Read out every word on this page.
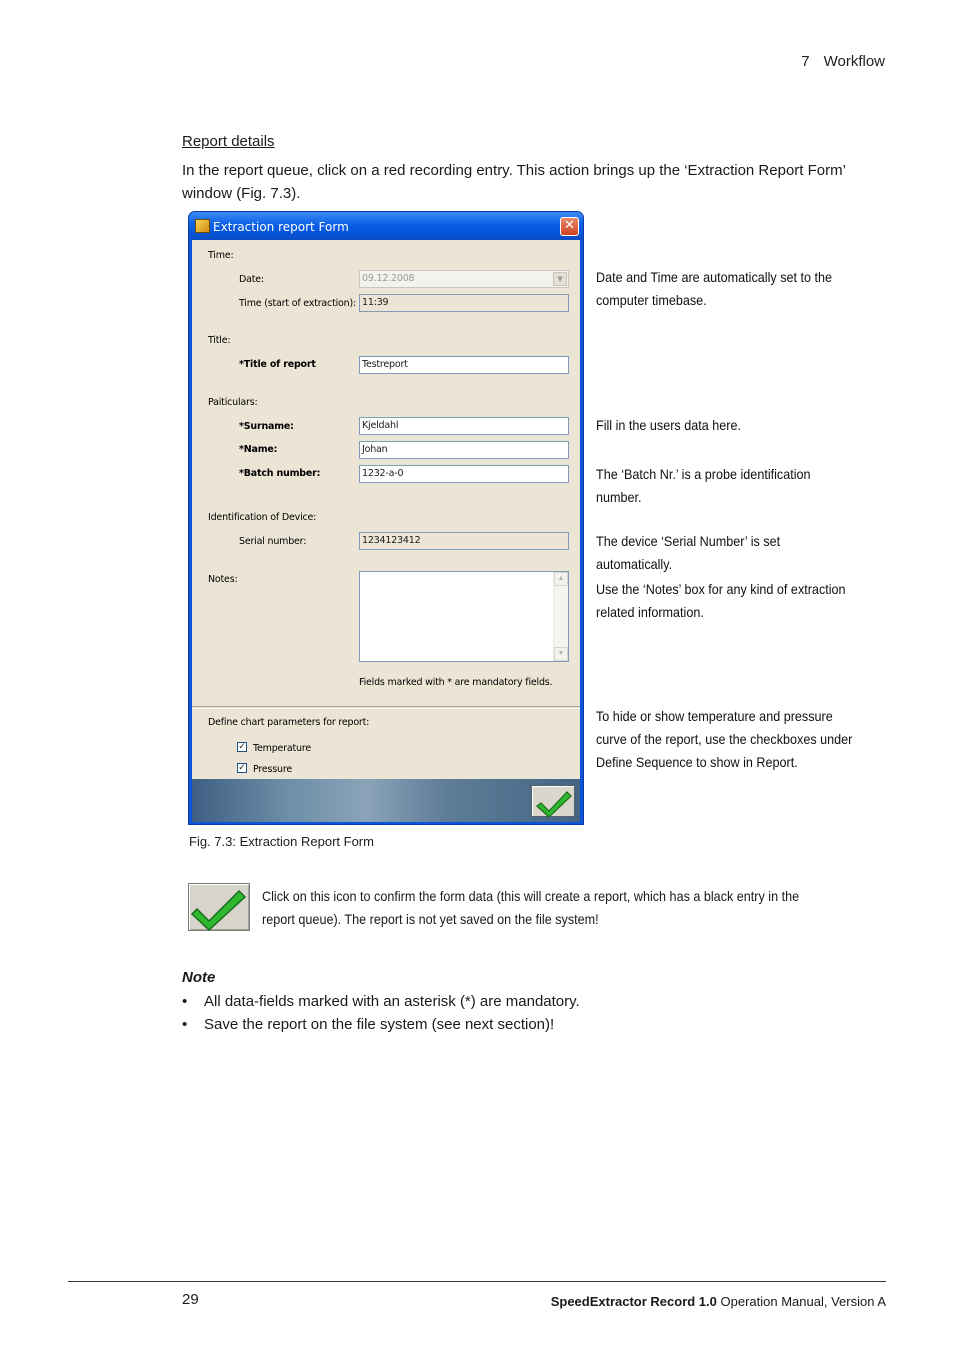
7 Workflow
Report details
In the report queue, click on a red recording entry. This action brings up the ‘Extraction Report Form’ window (Fig. 7.3).
Extraction report Form	✕
Time:
Date:	09.12.2008	▼
Time (start of extraction): 11:39
Title:
*Title of report	Testreport
Paiticulars:
*Surname:	Kjeldahl
*Name:	Johan
*Batch number:	1232-a-0
Identification of Device:
Serial number:	1234123412
Notes:	▲
▼
Fields marked with * are mandatory fields.
Define chart parameters for report:
✓ Temperature
✓ Pressure
Date and Time are automatically set to the computer timebase.
Fill in the users data here.
The ‘Batch Nr.’ is a probe identification number.
The device ‘Serial Number’ is set automatically.
Use the ‘Notes’ box for any kind of extraction related information.
To hide or show temperature and pressure curve of the report, use the checkboxes under Define Sequence to show in Report.
Fig. 7.3: Extraction Report Form
Click on this icon to confirm the form data (this will create a report, which has a black entry in the report queue). The report is not yet saved on the file system!
Note
• All data-fields marked with an asterisk (*) are mandatory.
• Save the report on the file system (see next section)!
29	SpeedExtractor Record 1.0 Operation Manual, Version A
